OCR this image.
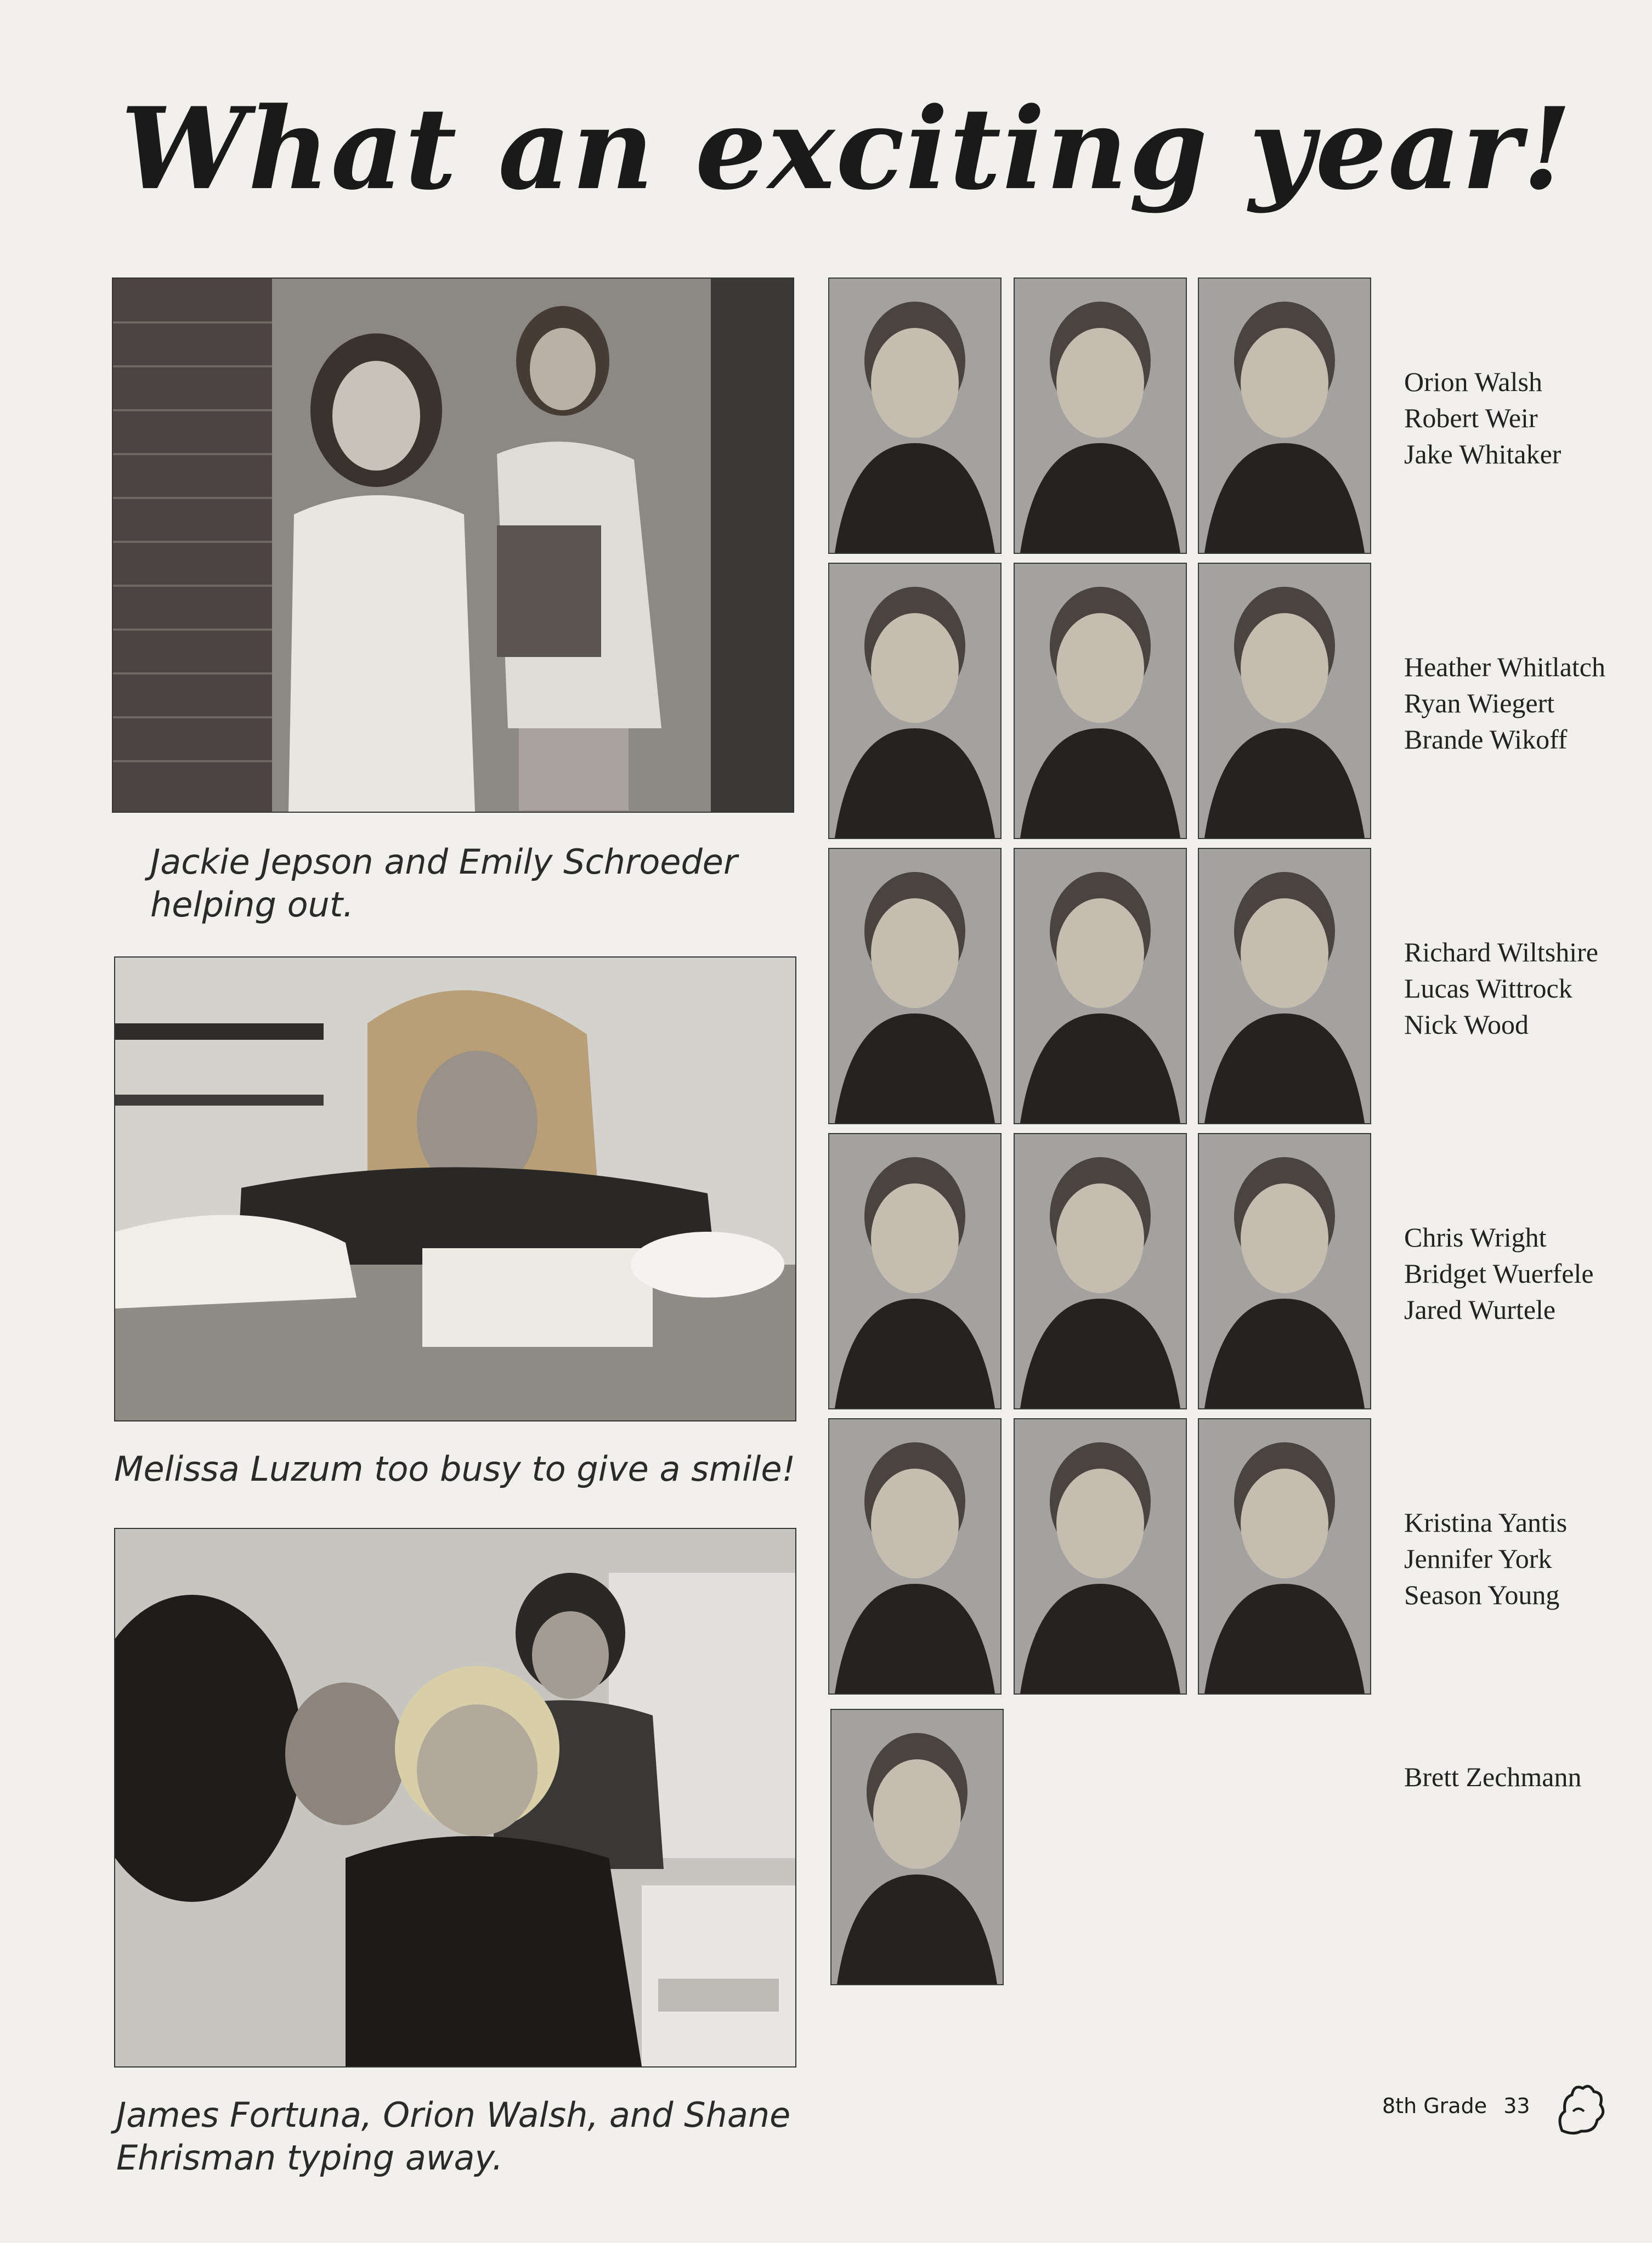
What an exciting year!
Jackie Jepson and Emily Schroeder
helping out.
Melissa Luzum too busy to give a smile!
James Fortuna, Orion Walsh, and Shane
Ehrisman typing away.
Orion Walsh
Robert Weir
Jake Whitaker
Heather Whitlatch
Ryan Wiegert
Brande Wikoff
Richard Wiltshire
Lucas Wittrock
Nick Wood
Chris Wright
Bridget Wuerfele
Jared Wurtele
Kristina Yantis
Jennifer York
Season Young
Brett Zechmann
8th Grade 33
